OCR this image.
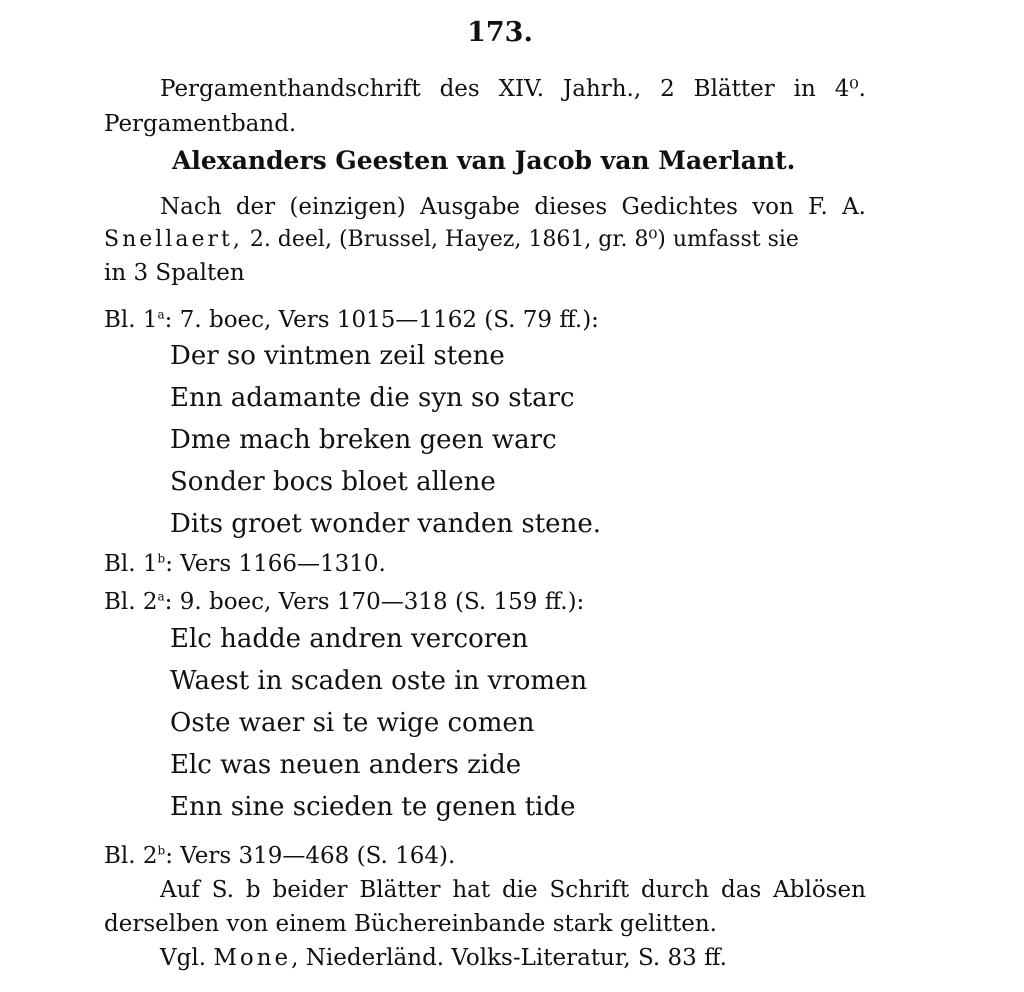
173.
Pergamenthandschrift des XIV. Jahrh., 2 Blätter in 4⁰.
Pergamentband.
Alexanders Geesten van Jacob van Maerlant.
Nach der (einzigen) Ausgabe dieses Gedichtes von F. A.
Snellaert, 2. deel, (Brussel, Hayez, 1861, gr. 8⁰) umfasst sie
in 3 Spalten
Bl. 1$^a$: 7. boec, Vers 1015—1162 (S. 79 ff.):
Der so vintmen zeil stene
Enn adamante die syn so starc
Dme mach breken geen warc
Sonder bocs bloet allene
Dits groet wonder vanden stene.
Bl. 1$^b$: Vers 1166—1310.
Bl. 2$^a$: 9. boec, Vers 170—318 (S. 159 ff.):
Elc hadde andren vercoren
Waest in scaden oste in vromen
Oste waer si te wige comen
Elc was neuen anders zide
Enn sine scieden te genen tide
Bl. 2$^b$: Vers 319—468 (S. 164).
Auf S. b beider Blätter hat die Schrift durch das Ablösen
derselben von einem Büchereinbande stark gelitten.
Vgl. Mone, Niederländ. Volks-Literatur, S. 83 ff.
